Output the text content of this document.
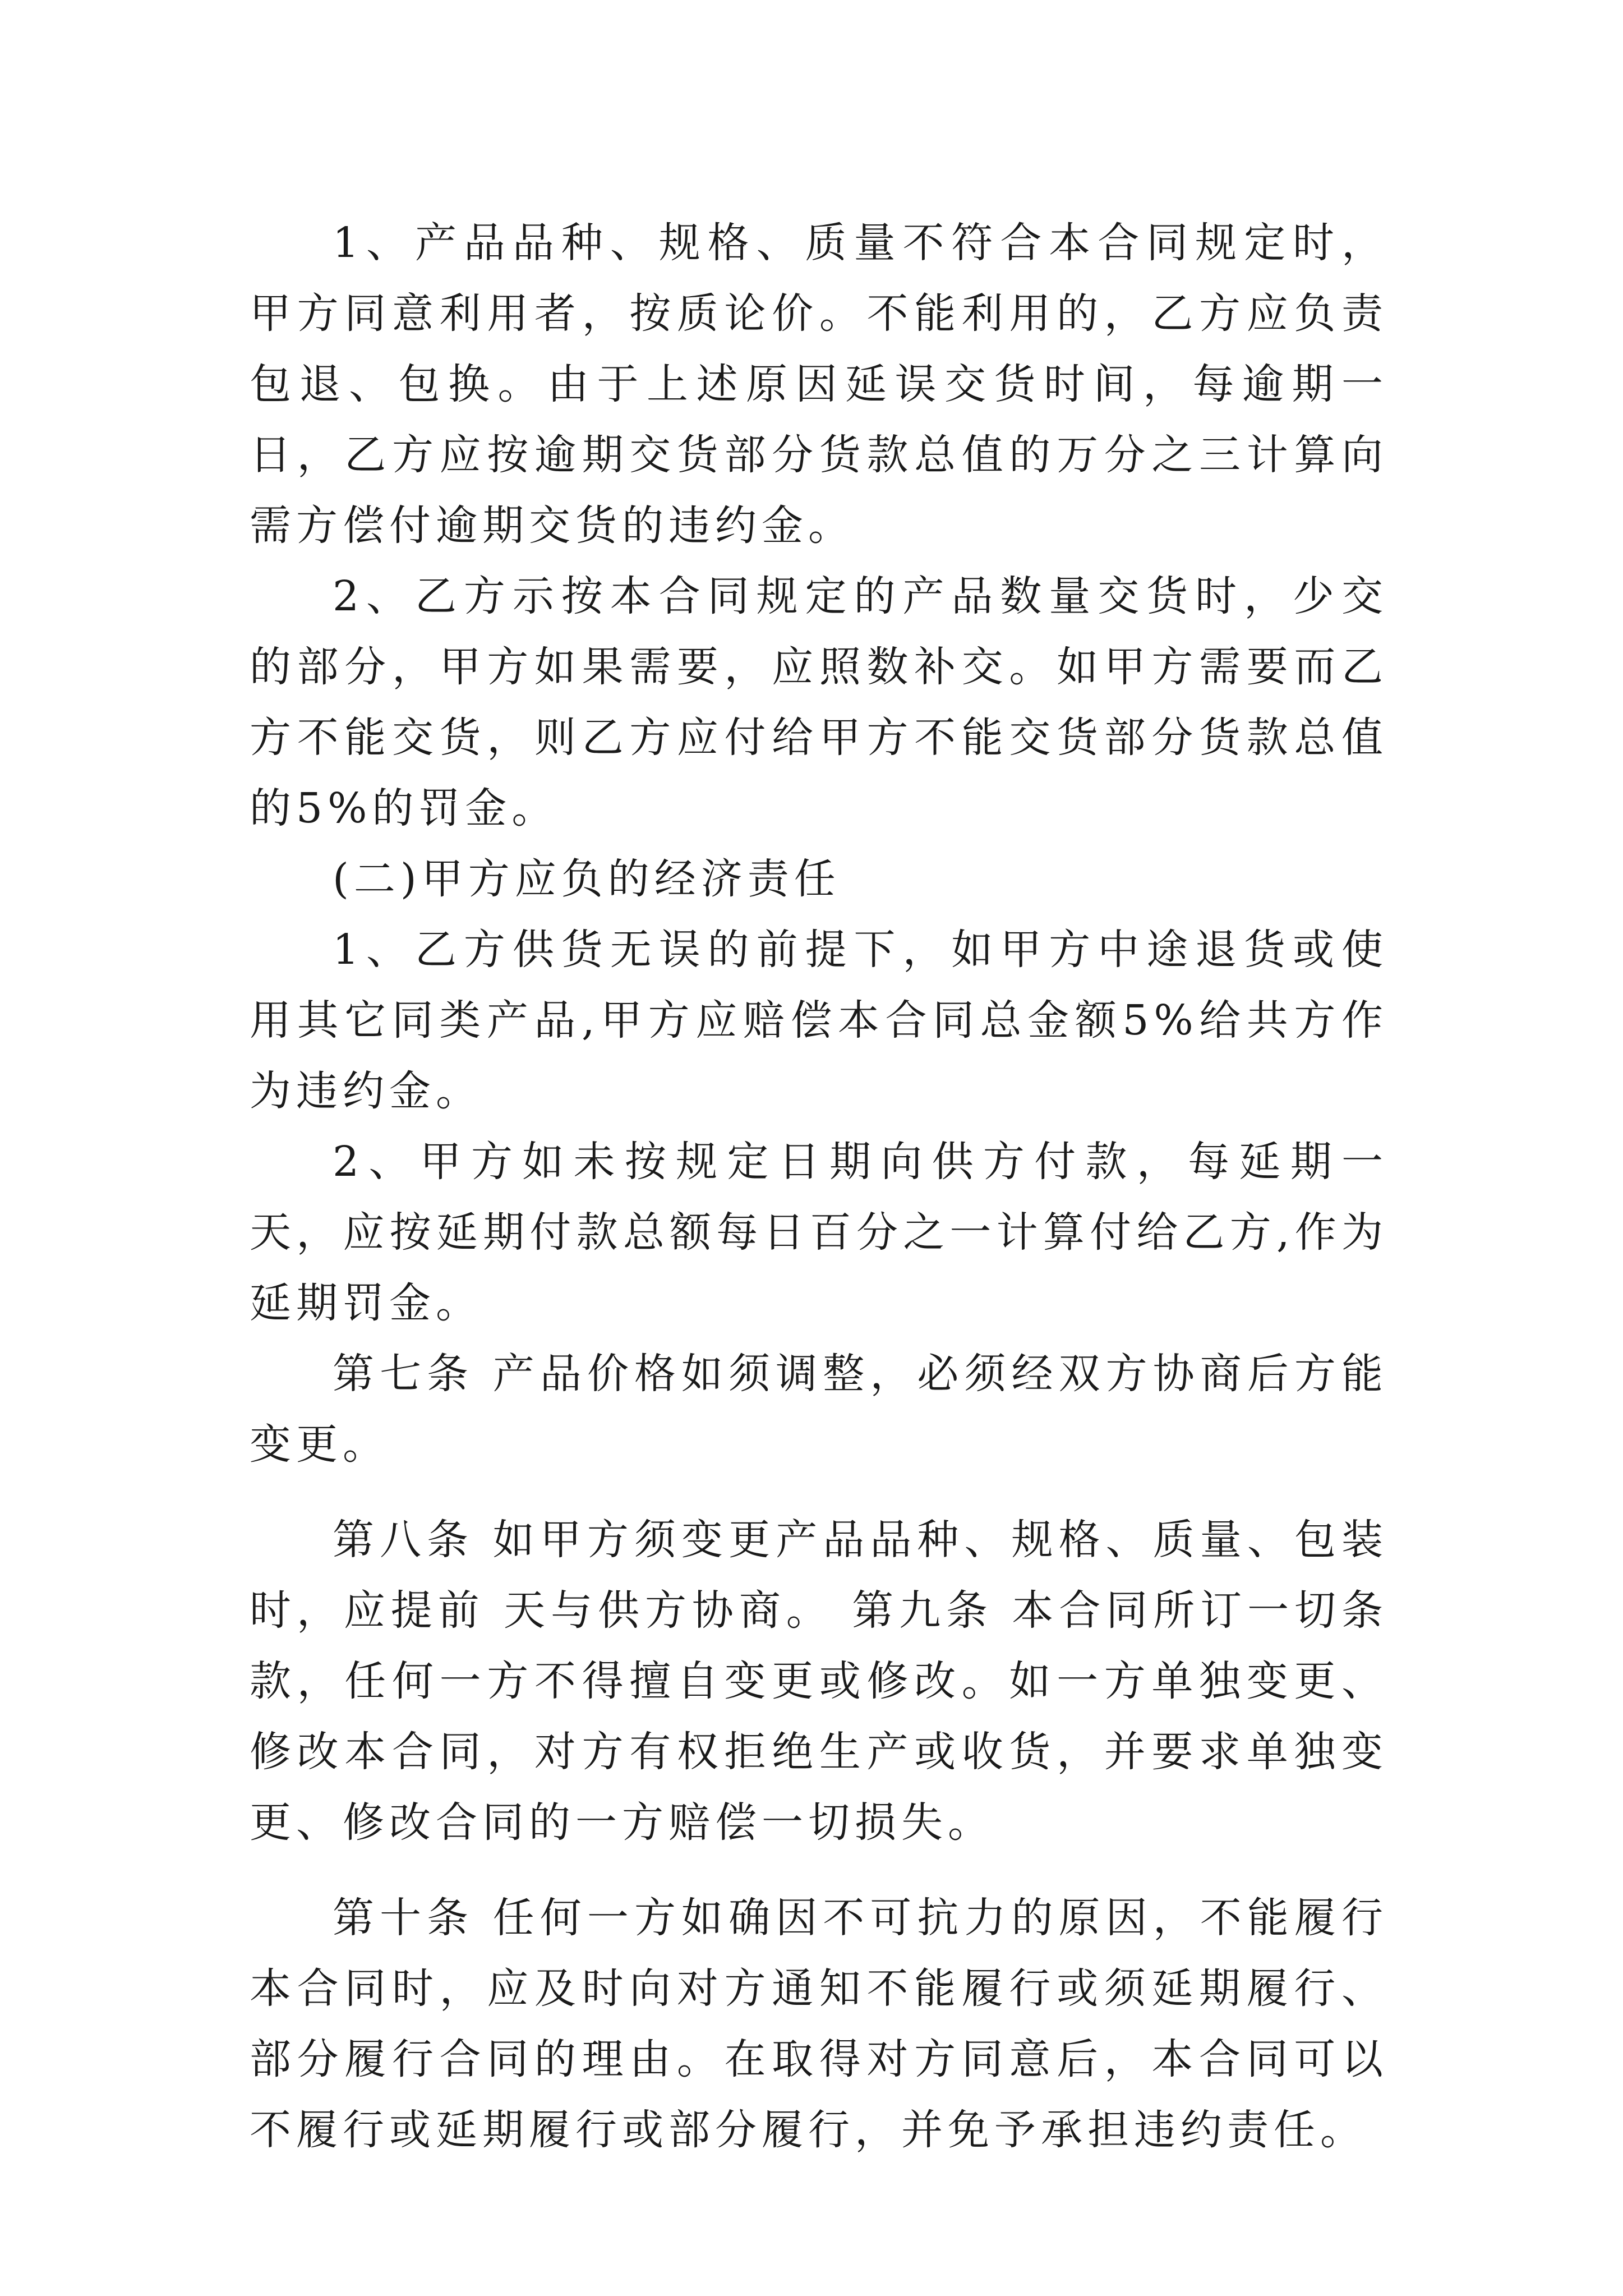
1、产品品种、规格、质量不符合本合同规定时，甲方同意利用者，按质论价。不能利用的，乙方应负责包退、包换。由于上述原因延误交货时间，每逾期一日，乙方应按逾期交货部分货款总值的万分之三计算向需方偿付逾期交货的违约金。

2、乙方示按本合同规定的产品数量交货时，少交的部分，甲方如果需要，应照数补交。如甲方需要而乙方不能交货，则乙方应付给甲方不能交货部分货款总值的5%的罚金。

(二)甲方应负的经济责任

1、乙方供货无误的前提下，如甲方中途退货或使用其它同类产品,甲方应赔偿本合同总金额5%给共方作为违约金。

2、甲方如未按规定日期向供方付款，每延期一天，应按延期付款总额每日百分之一计算付给乙方,作为延期罚金。

第七条 产品价格如须调整，必须经双方协商后方能变更。

第八条 如甲方须变更产品品种、规格、质量、包装时，应提前 天与供方协商。 第九条 本合同所订一切条款，任何一方不得擅自变更或修改。如一方单独变更、修改本合同，对方有权拒绝生产或收货，并要求单独变更、修改合同的一方赔偿一切损失。

第十条 任何一方如确因不可抗力的原因，不能履行本合同时，应及时向对方通知不能履行或须延期履行、部分履行合同的理由。在取得对方同意后，本合同可以不履行或延期履行或部分履行，并免予承担违约责任。
